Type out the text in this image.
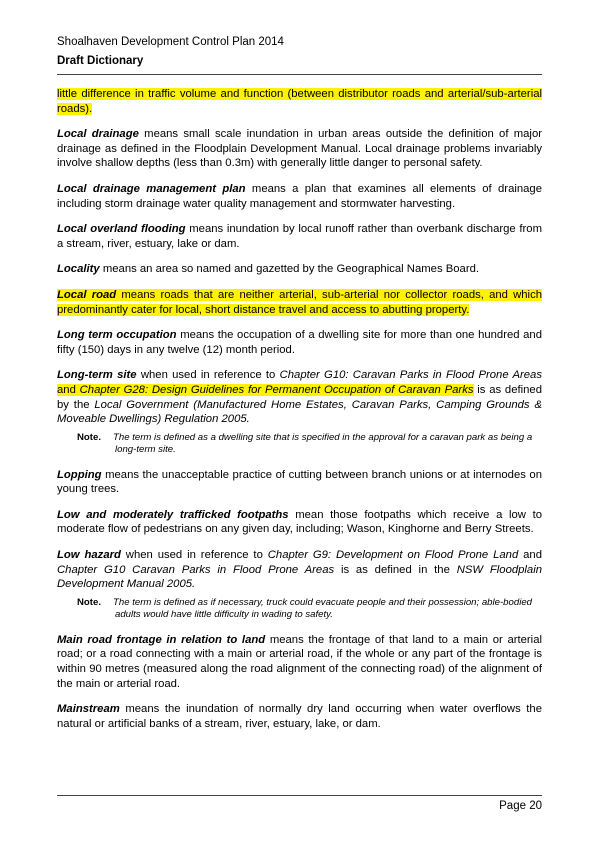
Shoalhaven Development Control Plan 2014
Draft Dictionary

little difference in traffic volume and function (between distributor roads and arterial/sub-arterial roads).

Local drainage means small scale inundation in urban areas outside the definition of major drainage as defined in the Floodplain Development Manual. Local drainage problems invariably involve shallow depths (less than 0.3m) with generally little danger to personal safety.

Local drainage management plan means a plan that examines all elements of drainage including storm drainage water quality management and stormwater harvesting.

Local overland flooding means inundation by local runoff rather than overbank discharge from a stream, river, estuary, lake or dam.

Locality means an area so named and gazetted by the Geographical Names Board.

Local road means roads that are neither arterial, sub-arterial nor collector roads, and which predominantly cater for local, short distance travel and access to abutting property.

Long term occupation means the occupation of a dwelling site for more than one hundred and fifty (150) days in any twelve (12) month period.

Long-term site when used in reference to Chapter G10: Caravan Parks in Flood Prone Areas and Chapter G28: Design Guidelines for Permanent Occupation of Caravan Parks is as defined by the Local Government (Manufactured Home Estates, Caravan Parks, Camping Grounds & Moveable Dwellings) Regulation 2005.

Note. The term is defined as a dwelling site that is specified in the approval for a caravan park as being a long-term site.

Lopping means the unacceptable practice of cutting between branch unions or at internodes on young trees.

Low and moderately trafficked footpaths mean those footpaths which receive a low to moderate flow of pedestrians on any given day, including; Wason, Kinghorne and Berry Streets.

Low hazard when used in reference to Chapter G9: Development on Flood Prone Land and Chapter G10 Caravan Parks in Flood Prone Areas is as defined in the NSW Floodplain Development Manual 2005.

Note. The term is defined as if necessary, truck could evacuate people and their possession; able-bodied adults would have little difficulty in wading to safety.

Main road frontage in relation to land means the frontage of that land to a main or arterial road; or a road connecting with a main or arterial road, if the whole or any part of the frontage is within 90 metres (measured along the road alignment of the connecting road) of the alignment of the main or arterial road.

Mainstream means the inundation of normally dry land occurring when water overflows the natural or artificial banks of a stream, river, estuary, lake, or dam.

Page 20
